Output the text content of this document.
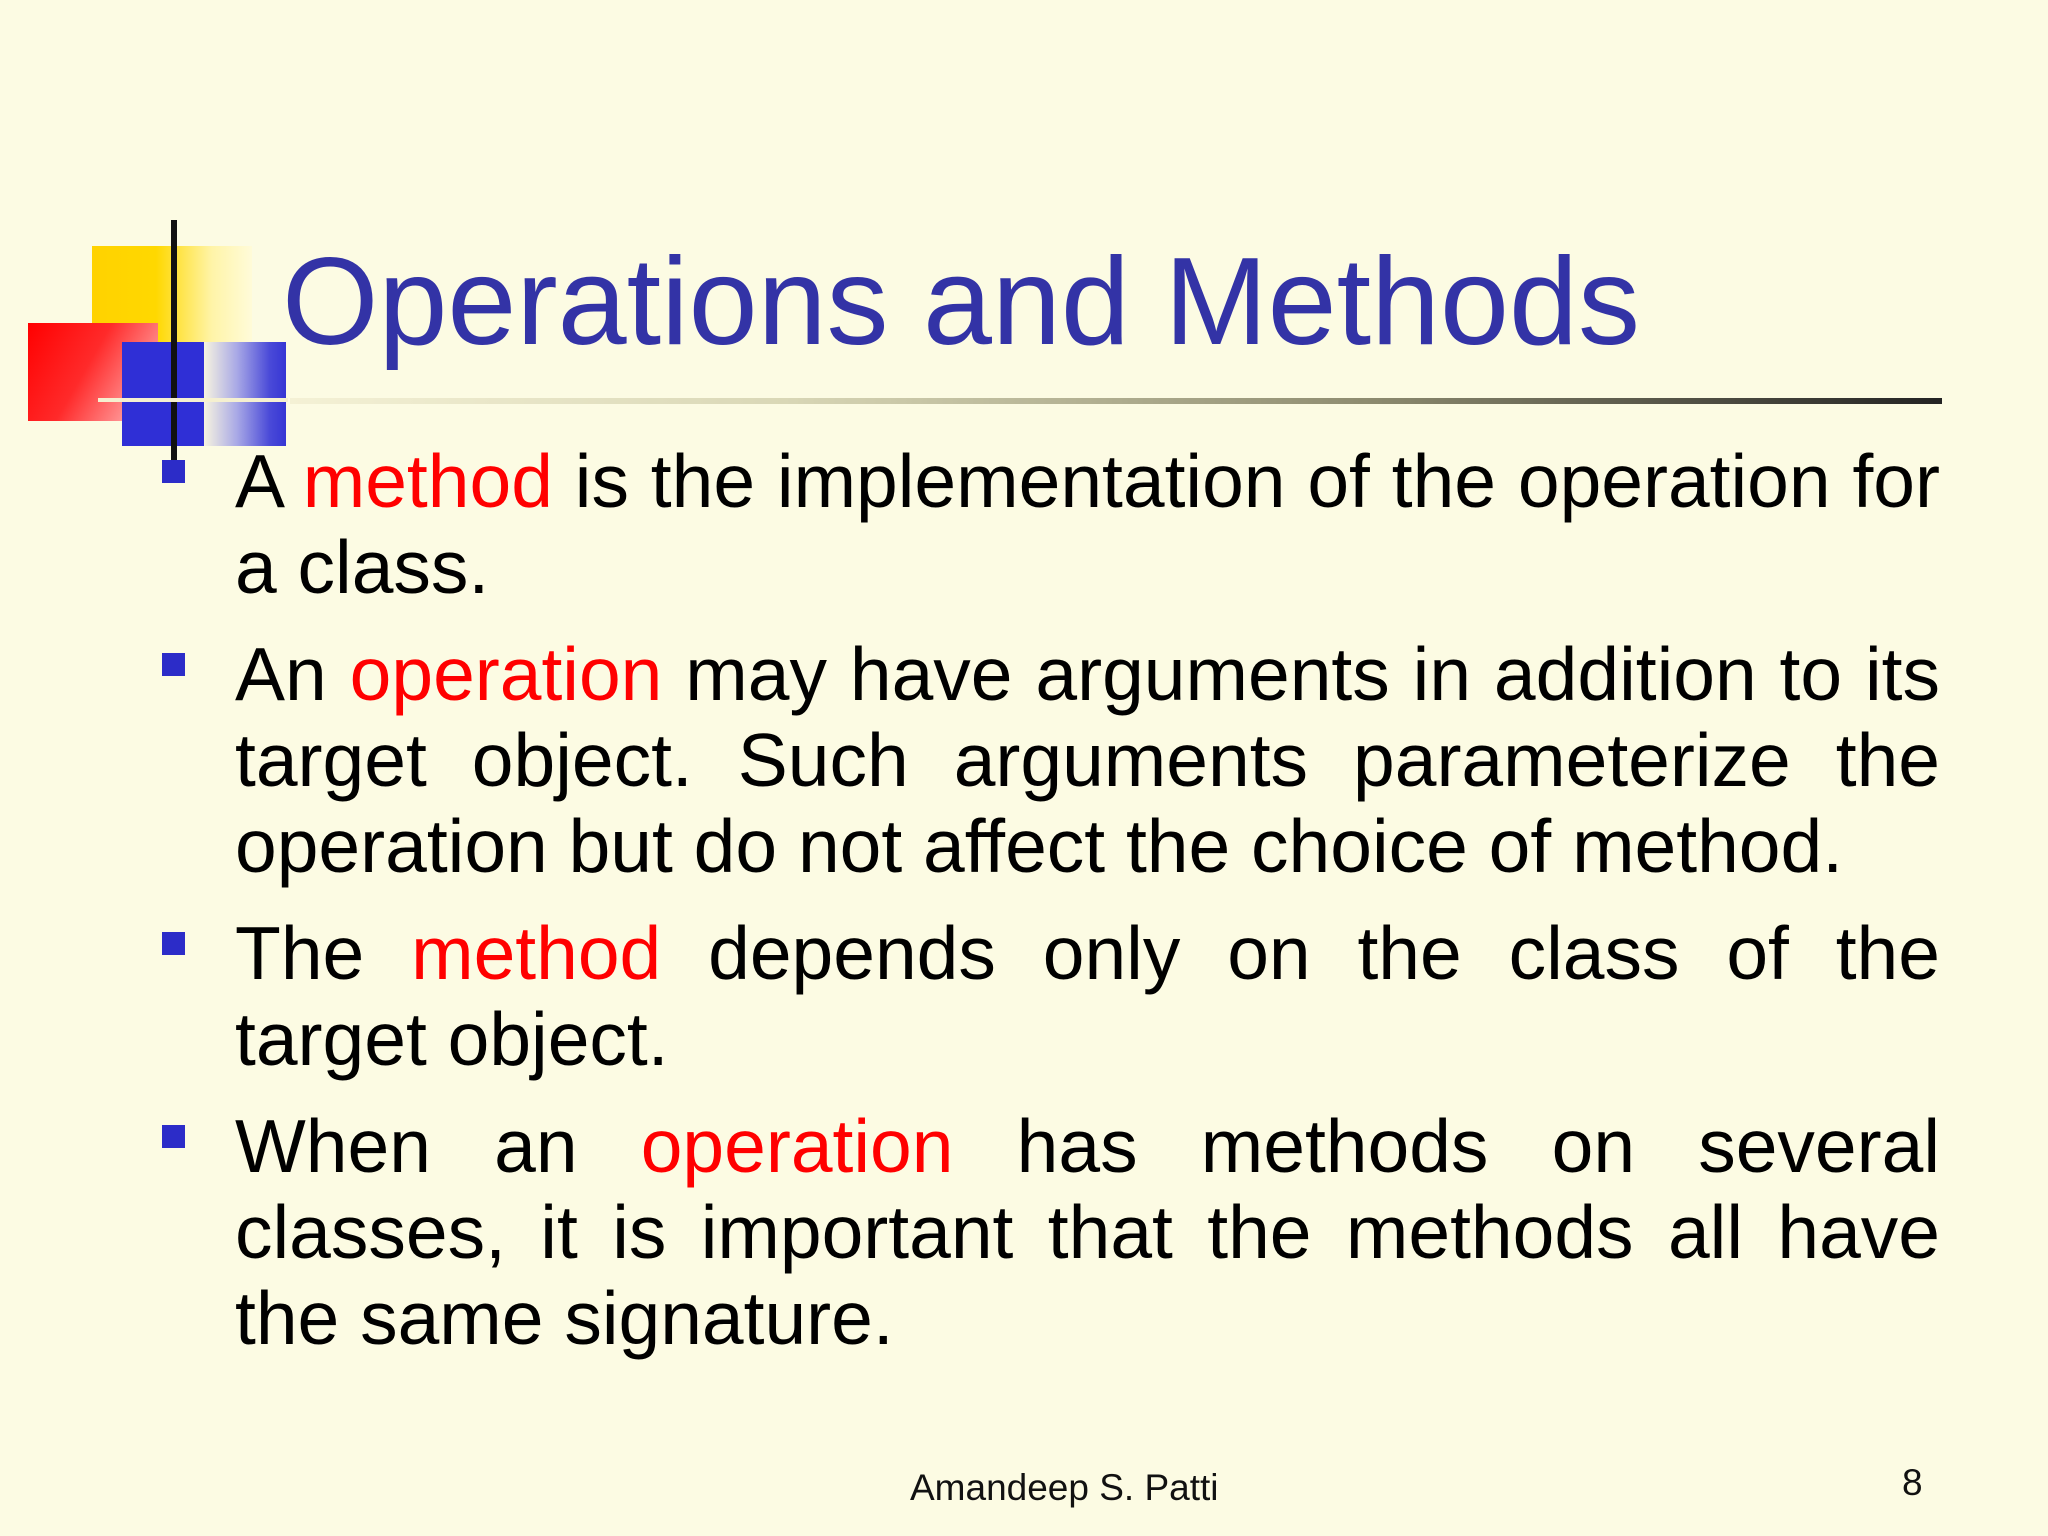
Operations and Methods
A method is the implementation of the operation for a class.
An operation may have arguments in addition to its target object. Such arguments parameterize the operation but do not affect the choice of method.
The method depends only on the class of the target object.
When an operation has methods on several classes, it is important that the methods all have the same signature.
Amandeep S. Patti	8
